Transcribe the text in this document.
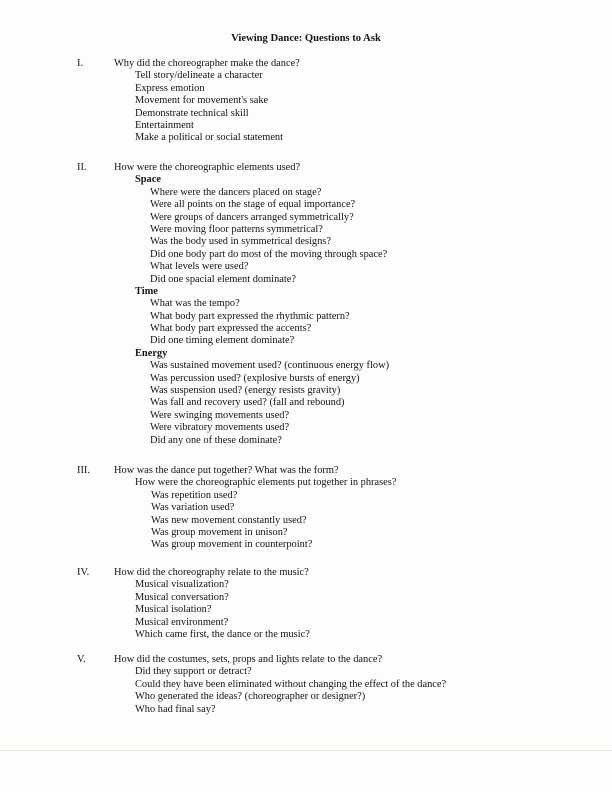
Viewing Dance: Questions to Ask
I.	Why did the choreographer make the dance?
Tell story/delineate a character
Express emotion
Movement for movement's sake
Demonstrate technical skill
Entertainment
Make a political or social statement
II.	How were the choreographic elements used?
Space
Where were the dancers placed on stage?
Were all points on the stage of equal importance?
Were groups of dancers arranged symmetrically?
Were moving floor patterns symmetrical?
Was the body used in symmetrical designs?
Did one body part do most of the moving through space?
What levels were used?
Did one spacial element dominate?
Time
What was the tempo?
What body part expressed the rhythmic pattern?
What body part expressed the accents?
Did one timing element dominate?
Energy
Was sustained movement used? (continuous energy flow)
Was percussion used? (explosive bursts of energy)
Was suspension used? (energy resists gravity)
Was fall and recovery used? (fall and rebound)
Were swinging movements used?
Were vibratory movements used?
Did any one of these dominate?
III.	How was the dance put together? What was the form?
How were the choreographic elements put together in phrases?
Was repetition used?
Was variation used?
Was new movement constantly used?
Was group movement in unison?
Was group movement in counterpoint?
IV.	How did the choreography relate to the music?
Musical visualization?
Musical conversation?
Musical isolation?
Musical environment?
Which came first, the dance or the music?
V.	How did the costumes, sets, props and lights relate to the dance?
Did they support or detract?
Could they have been eliminated without changing the effect of the dance?
Who generated the ideas? (choreographer or designer?)
Who had final say?
